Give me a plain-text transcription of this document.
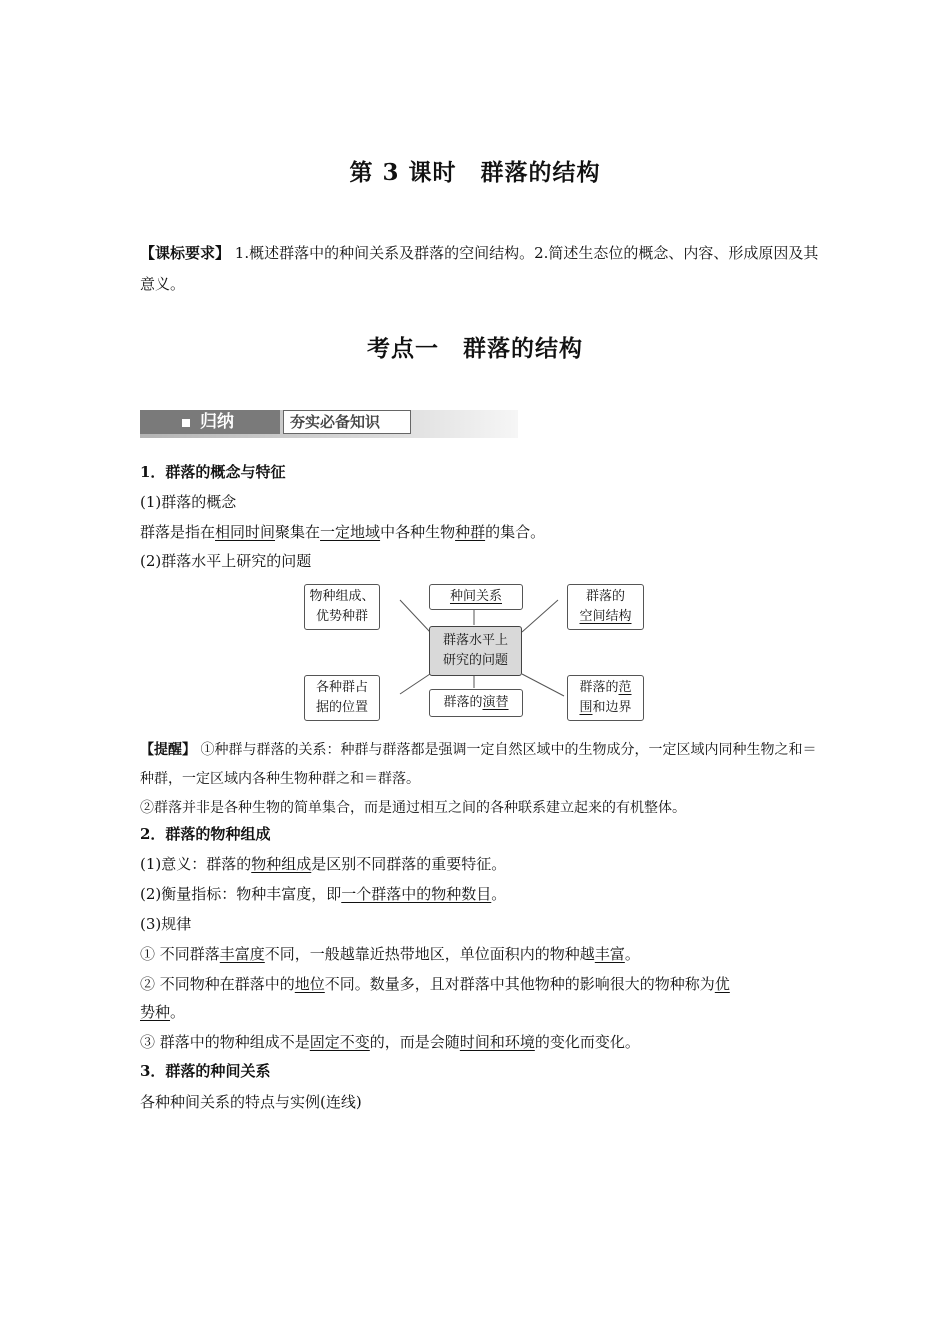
第 3 课时　群落的结构
【课标要求】 1.概述群落中的种间关系及群落的空间结构。2.简述生态位的概念、内容、形成原因及其意义。
考点一　群落的结构
归纳	夯实必备知识
1．群落的概念与特征
(1)群落的概念
群落是指在相同时间聚集在一定地域中各种生物种群的集合。
(2)群落水平上研究的问题
群落水平上
研究的问题
物种组成、
优势种群
种间关系	群落的
空间结构
各种群占
据的位置	群落的演替
群落的范
围和边界
【提醒】 ①种群与群落的关系：种群与群落都是强调一定自然区域中的生物成分，一定区域内同种生物之和＝种群，一定区域内各种生物种群之和＝群落。
②群落并非是各种生物的简单集合，而是通过相互之间的各种联系建立起来的有机整体。
2．群落的物种组成
(1)意义：群落的物种组成是区别不同群落的重要特征。
(2)衡量指标：物种丰富度，即一个群落中的物种数目。
(3)规律
① 不同群落丰富度不同，一般越靠近热带地区，单位面积内的物种越丰富。
② 不同物种在群落中的地位不同。数量多，且对群落中其他物种的影响很大的物种称为优
势种。
③ 群落中的物种组成不是固定不变的，而是会随时间和环境的变化而变化。
3．群落的种间关系
各种种间关系的特点与实例(连线)
